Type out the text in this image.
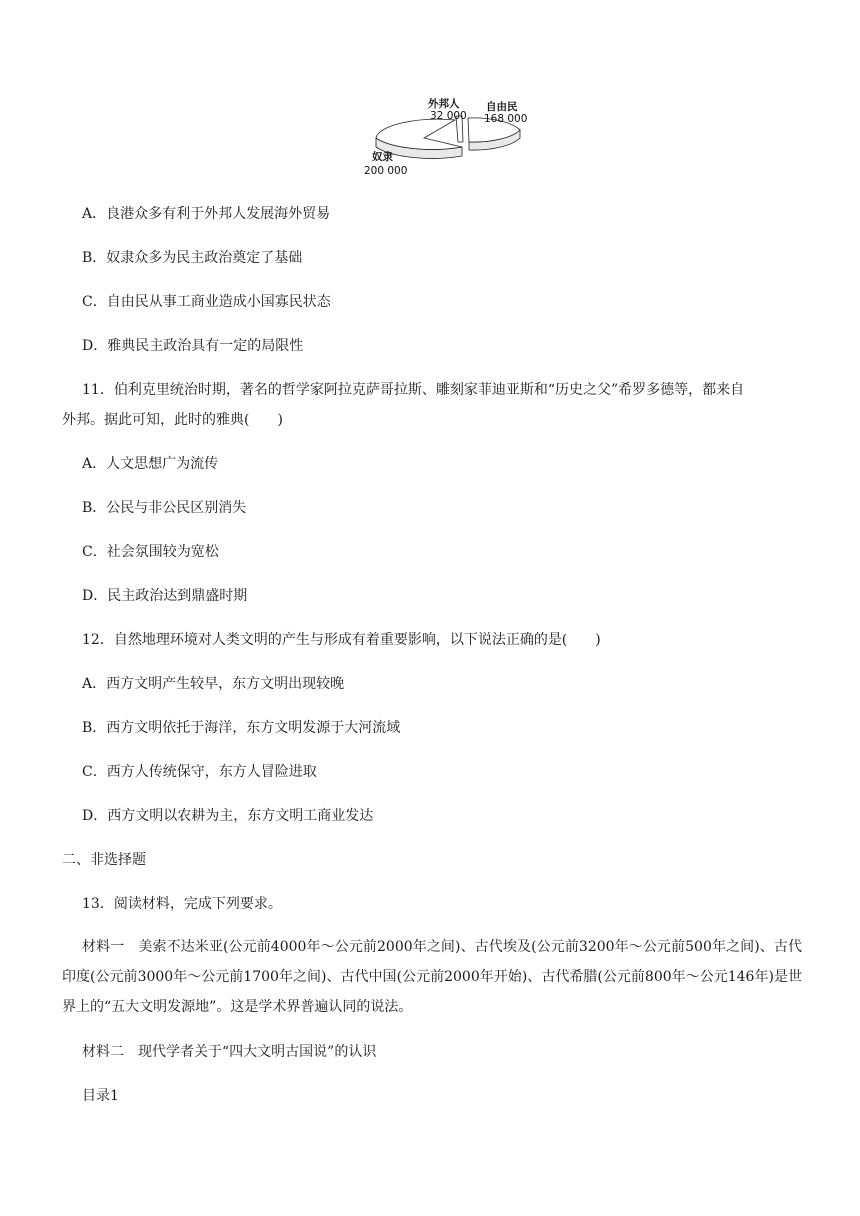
外邦人
32 000
自由民
168 000
奴隶
200 000

A．良港众多有利于外邦人发展海外贸易

B．奴隶众多为民主政治奠定了基础

C．自由民从事工商业造成小国寡民状态

D．雅典民主政治具有一定的局限性

11．伯利克里统治时期，著名的哲学家阿拉克萨哥拉斯、雕刻家菲迪亚斯和“历史之父”希罗多德等，都来自

外邦。据此可知，此时的雅典(　　)

A．人文思想广为流传

B．公民与非公民区别消失

C．社会氛围较为宽松

D．民主政治达到鼎盛时期

12．自然地理环境对人类文明的产生与形成有着重要影响，以下说法正确的是(　　)

A．西方文明产生较早，东方文明出现较晚

B．西方文明依托于海洋，东方文明发源于大河流域

C．西方人传统保守，东方人冒险进取

D．西方文明以农耕为主，东方文明工商业发达

二、非选择题

13．阅读材料，完成下列要求。

材料一　美索不达米亚(公元前4000年～公元前2000年之间)、古代埃及(公元前3200年～公元前500年之间)、古代印度(公元前3000年～公元前1700年之间)、古代中国(公元前2000年开始)、古代希腊(公元前800年～公元146年)是世界上的“五大文明发源地”。这是学术界普遍认同的说法。

材料二　现代学者关于“四大文明古国说”的认识

目录1
